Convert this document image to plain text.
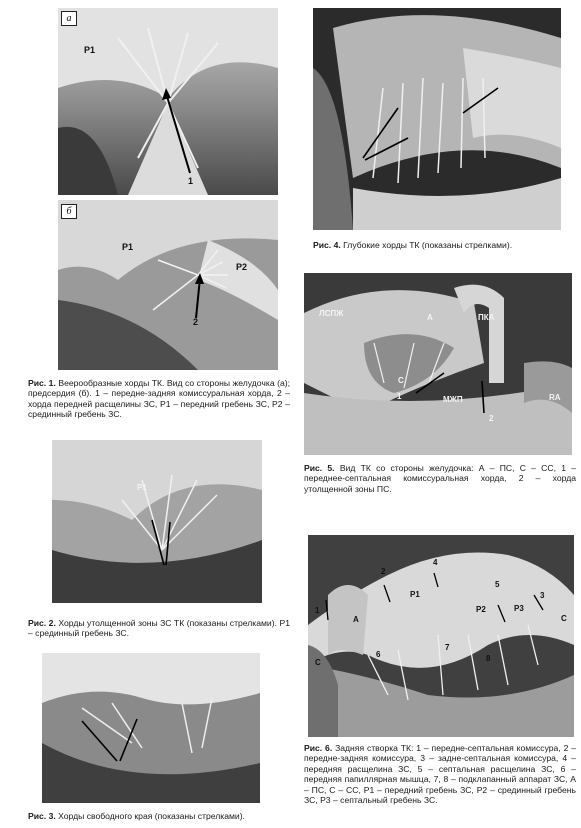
а
P1
1
б
P1
P2
2
Рис. 1. Веерообразные хорды ТК. Вид со стороны желудочка (а); предсердия (б). 1 – передне-задняя комиссуральная хорда, 2 – хорда передней расщелины ЗС, Р1 – передний гребень ЗС, Р2 – срединный гребень ЗС.
P1
Рис. 2. Хорды утолщенной зоны ЗС ТК (показаны стрелками). Р1 – срединный гребень ЗС.
Рис. 3. Хорды свободного края (показаны стрелками).
Рис. 4. Глубокие хорды ТК (показаны стрелками).
ЛСПЖ	A	ПКА
C
1	МЖП
2
RA
Рис. 5. Вид ТК со стороны желудочка: А – ПС, С – СС, 1 – переднее-септальная комиссуральная хорда, 2 – хорда утолщенной зоны ПС.
1
2
4
5
3
P1
P2	P3
C
A
C
6
7
8
Рис. 6. Задняя створка ТК: 1 – передне-септальная комиссура, 2 – передне-задняя комиссура, 3 – задне-септальная комиссура, 4 – передняя расщелина ЗС, 5 – септальная расщелина ЗС, 6 – передняя папиллярная мышца, 7, 8 – подклапанный аппарат ЗС, А – ПС, С – СС, Р1 – передний гребень ЗС, Р2 – срединный гребень ЗС, Р3 – септальный гребень ЗС.
